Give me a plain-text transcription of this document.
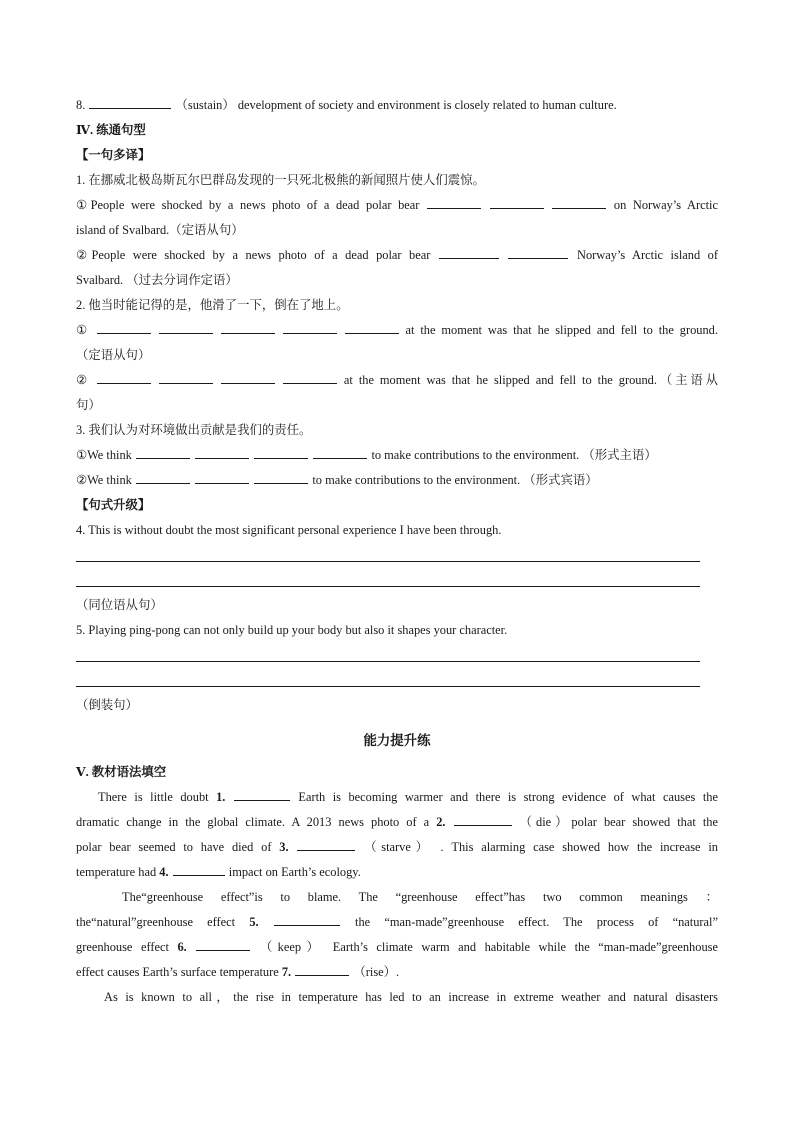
8.	（sustain） development of society and environment is closely related to human culture.
Ⅳ. 练通句型
【一句多译】
1. 在挪威北极岛斯瓦尔巴群岛发现的一只死北极熊的新闻照片使人们震惊。
①People were shocked by a news photo of a dead polar bear	on Norway’s Arctic
island of Svalbard.（定语从句）
②People were shocked by a news photo of a dead polar bear	Norway’s Arctic island of
Svalbard. （过去分词作定语）
2. 他当时能记得的是，他滑了一下，倒在了地上。
①	at the moment was that he slipped and fell to the ground.
（定语从句）
②	at the moment was that he slipped and fell to the ground.（主语从
句）
3. 我们认为对环境做出贡献是我们的责任。
①We think	to make contributions to the environment. （形式主语）
②We think	to make contributions to the environment. （形式宾语）
【句式升级】
4. This is without doubt the most significant personal experience I have been through.
（同位语从句）
5. Playing ping-pong can not only build up your body but also it shapes your character.
（倒装句）
能力提升练
Ⅴ. 教材语法填空
There is little doubt 1.	Earth is becoming warmer and there is strong evidence of what causes the
dramatic change in the global climate. A 2013 news photo of a 2.	（die）polar bear showed that the
polar bear seemed to have died of 3.	（starve） . This alarming case showed how the increase in
temperature had 4.	impact on Earth’s ecology.
The“greenhouse effect”is to blame. The “greenhouse effect”has two common meanings ：
the“natural”greenhouse effect 5.	the “man-made”greenhouse effect. The process of “natural”
greenhouse effect 6.	（keep） Earth’s climate warm and habitable while the “man-made”greenhouse
effect causes Earth’s surface temperature 7.	（rise）.
As is known to all，the rise in temperature has led to an increase in extreme weather and natural disasters
